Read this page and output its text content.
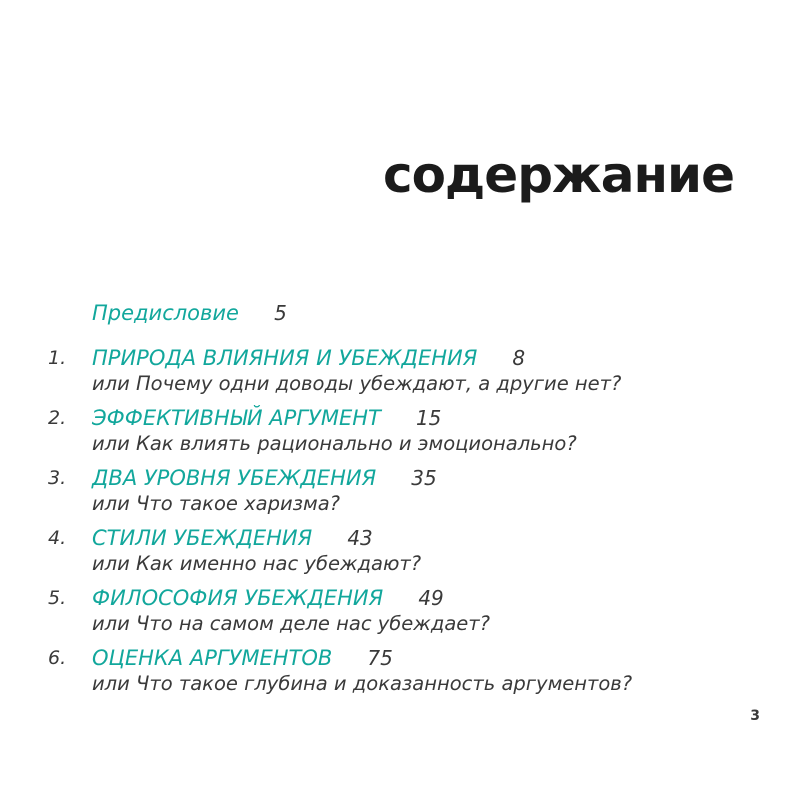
содержание
Предисловие 5
1.	ПРИРОДА ВЛИЯНИЯ И УБЕЖДЕНИЯ 8
или Почему одни доводы убеждают, а другие нет?
2.	ЭФФЕКТИВНЫЙ АРГУМЕНТ 15
или Как влиять рационально и эмоционально?
3.	ДВА УРОВНЯ УБЕЖДЕНИЯ 35
или Что такое харизма?
4.	СТИЛИ УБЕЖДЕНИЯ 43
или Как именно нас убеждают?
5.	ФИЛОСОФИЯ УБЕЖДЕНИЯ 49
или Что на самом деле нас убеждает?
6.	ОЦЕНКА АРГУМЕНТОВ 75
или Что такое глубина и доказанность аргументов?
3
